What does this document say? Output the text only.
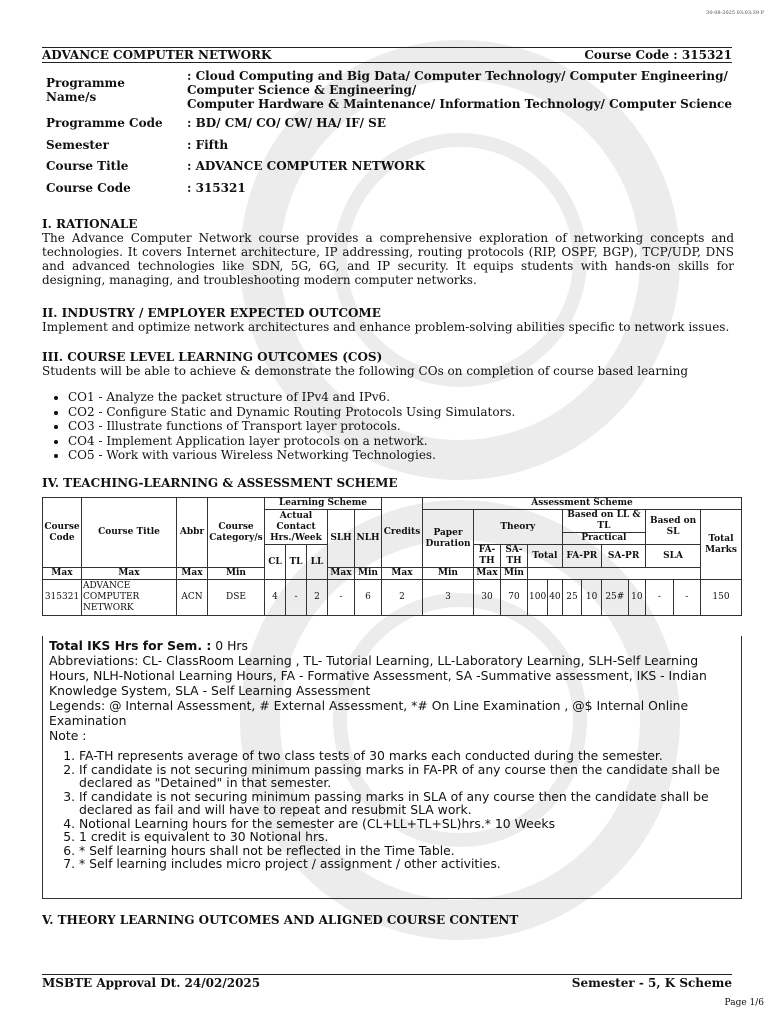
30-08-2025 03:03:39 P
ADVANCE COMPUTER NETWORK	Course Code : 315321
Programme Name/s	: Cloud Computing and Big Data/ Computer Technology/ Computer Engineering/
Computer Science & Engineering/
Computer Hardware & Maintenance/ Information Technology/ Computer Science

Programme Code	: BD/ CM/ CO/ CW/ HA/ IF/ SE
Semester	: Fifth
Course Title	: ADVANCE COMPUTER NETWORK
Course Code	: 315321
I. RATIONALE

The Advance Computer Network course provides a comprehensive exploration of networking concepts and technologies. It covers Internet architecture, IP addressing, routing protocols (RIP, OSPF, BGP), TCP/UDP, DNS and advanced technologies like SDN, 5G, 6G, and IP security. It equips students with hands-on skills for designing, managing, and troubleshooting modern computer networks.

II. INDUSTRY / EMPLOYER EXPECTED OUTCOME

Implement and optimize network architectures and enhance problem-solving abilities specific to network issues.

III. COURSE LEVEL LEARNING OUTCOMES (COS)

Students will be able to achieve & demonstrate the following COs on completion of course based learning

• CO1 - Analyze the packet structure of IPv4 and IPv6.
• CO2 - Configure Static and Dynamic Routing Protocols Using Simulators.
• CO3 - Illustrate functions of Transport layer protocols.
• CO4 - Implement Application layer protocols on a network.
• CO5 - Work with various Wireless Networking Technologies.
IV. TEACHING-LEARNING & ASSESSMENT SCHEME
Course Code	Course Title	Abbr	Course Category/s	Learning Scheme					Credits	Assessment Scheme											
				Actual Contact Hrs./Week			SLH	NLH		Paper Duration	Theory				Based on LL & TL				Based on SL		Total Marks
															Practical						
				CL	TL	LL					FA-TH	SA-TH	Total		FA-PR		SA-PR		SLA		
Max	Max	Max	Min				Max	Min	Max	Min	Max	Min									
315321	ADVANCE COMPUTER NETWORK	ACN	DSE	4	-	2	-	6	2	3	30	70	100	40	25	10	25#	10	-	-	150
Total IKS Hrs for Sem. : 0 Hrs
Abbreviations: CL- ClassRoom Learning , TL- Tutorial Learning, LL-Laboratory Learning, SLH-Self Learning Hours, NLH-Notional Learning Hours, FA - Formative Assessment, SA -Summative assessment, IKS - Indian Knowledge System, SLA - Self Learning Assessment
Legends: @ Internal Assessment, # External Assessment, *# On Line Examination , @$ Internal Online Examination
Note :
1. FA-TH represents average of two class tests of 30 marks each conducted during the semester.
2. If candidate is not securing minimum passing marks in FA-PR of any course then the candidate shall be declared as "Detained" in that semester.
3. If candidate is not securing minimum passing marks in SLA of any course then the candidate shall be declared as fail and will have to repeat and resubmit SLA work.
4. Notional Learning hours for the semester are (CL+LL+TL+SL)hrs.* 10 Weeks
5. 1 credit is equivalent to 30 Notional hrs.
6. * Self learning hours shall not be reflected in the Time Table.
7. * Self learning includes micro project / assignment / other activities.
V. THEORY LEARNING OUTCOMES AND ALIGNED COURSE CONTENT
MSBTE Approval Dt. 24/02/2025	Semester - 5, K Scheme
Page 1/6
